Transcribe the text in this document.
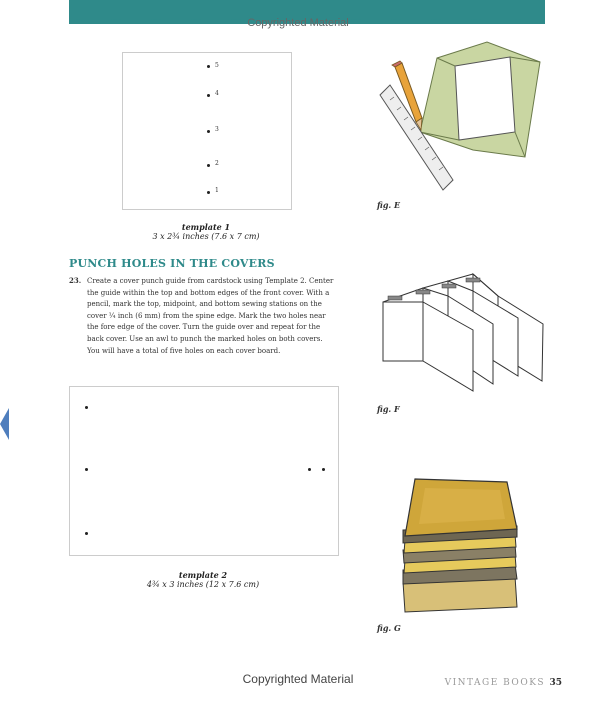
Copyrighted Material
5
4
3
2
1
template 1
3 x 2¾ inches (7.6 x 7 cm)
fig. E
PUNCH HOLES IN THE COVERS
23. Create a cover punch guide from cardstock using Template 2. Center the guide within the top and bottom edges of the front cover. With a pencil, mark the top, midpoint, and bottom sewing stations on the cover ¼ inch (6 mm) from the spine edge. Mark the two holes near the fore edge of the cover. Turn the guide over and repeat for the back cover. Use an awl to punch the marked holes on both covers. You will have a total of five holes on each cover board.
fig. F
template 2
4¾ x 3 inches (12 x 7.6 cm)
fig. G
Copyrighted Material	VINTAGE BOOKS 35
